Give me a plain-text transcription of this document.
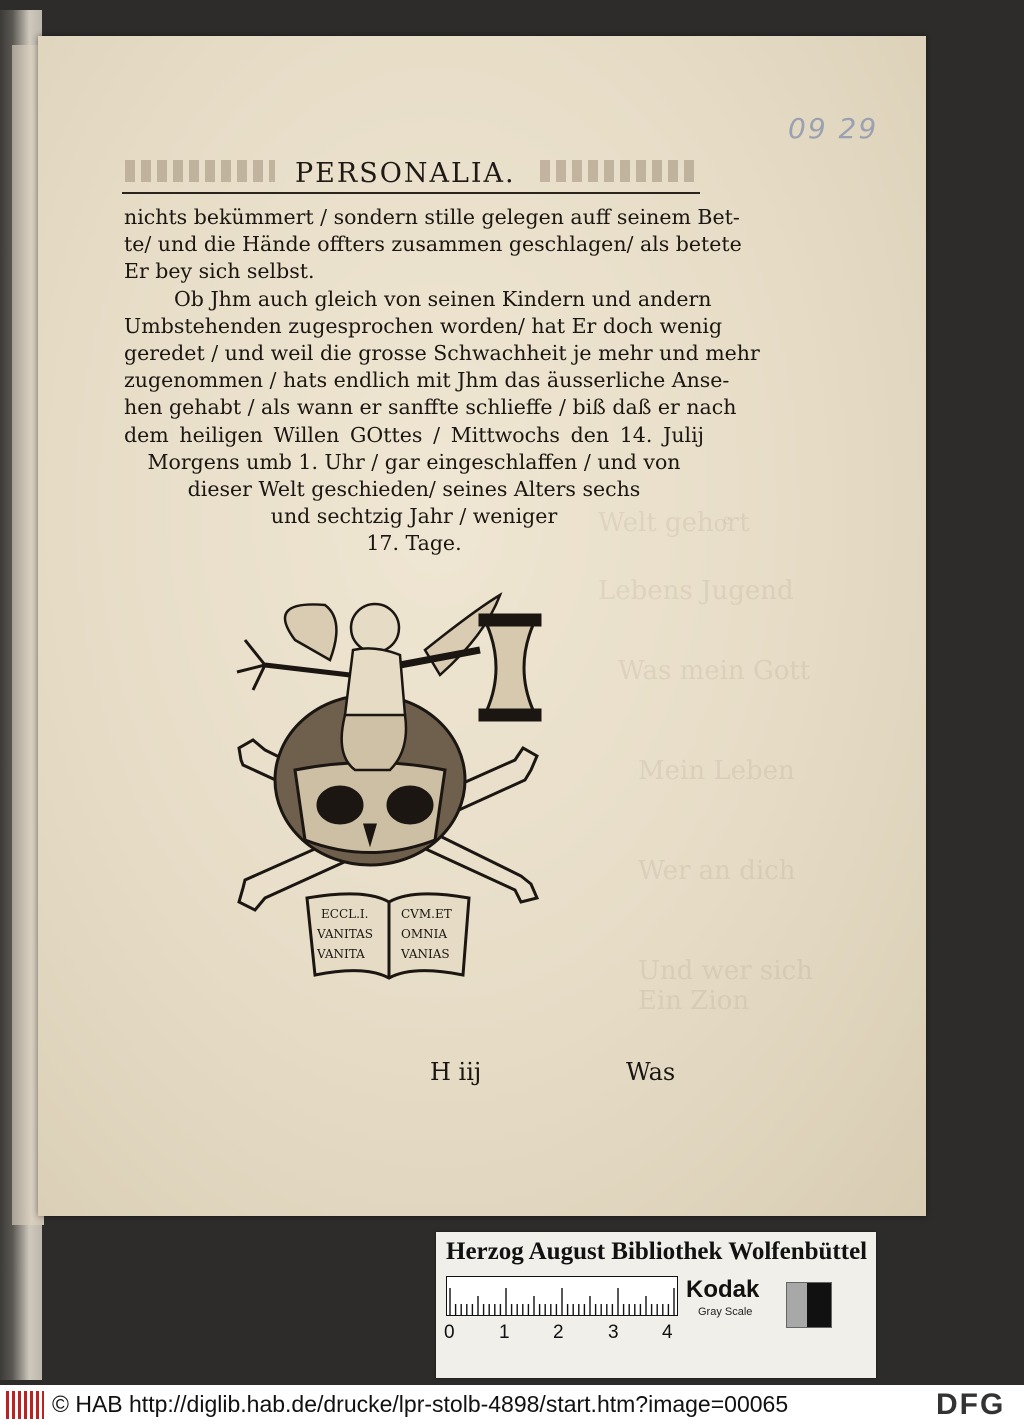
Welt gehoͤrt
Lebens Jugend
Was mein Gott
Mein Leben
Wer an dich
Und wer sich
Ein Zion
09 29
PERSONALIA.
nichts bekümmert / sondern stille gelegen auff seinem Bet-
te/ und die Hände offters zusammen geschlagen/ als betete
Er bey sich selbst.
Ob Jhm auch gleich von seinen Kindern und andern
Umbstehenden zugesprochen worden/ hat Er doch wenig
geredet / und weil die grosse Schwachheit je mehr und mehr
zugenommen / hats endlich mit Jhm das äusserliche Anse-
hen gehabt / als wann er sanffte schlieffe / biß daß er nach
dem heiligen Willen GOttes / Mittwochs den 14. Julij
Morgens umb 1. Uhr / gar eingeschlaffen / und von
dieser Welt geschieden/ seines Alters sechs
und sechtzig Jahr / weniger
17. Tage.
ECCL.I.
VANITAS
VANITA
CVM.ET
OMNIA
VANIAS
H iij	Was
Herzog August Bibliothek Wolfenbüttel
0 1 2 3 4
Kodak
Gray Scale
© HAB http://diglib.hab.de/drucke/lpr-stolb-4898/start.htm?image=00065	DFG
